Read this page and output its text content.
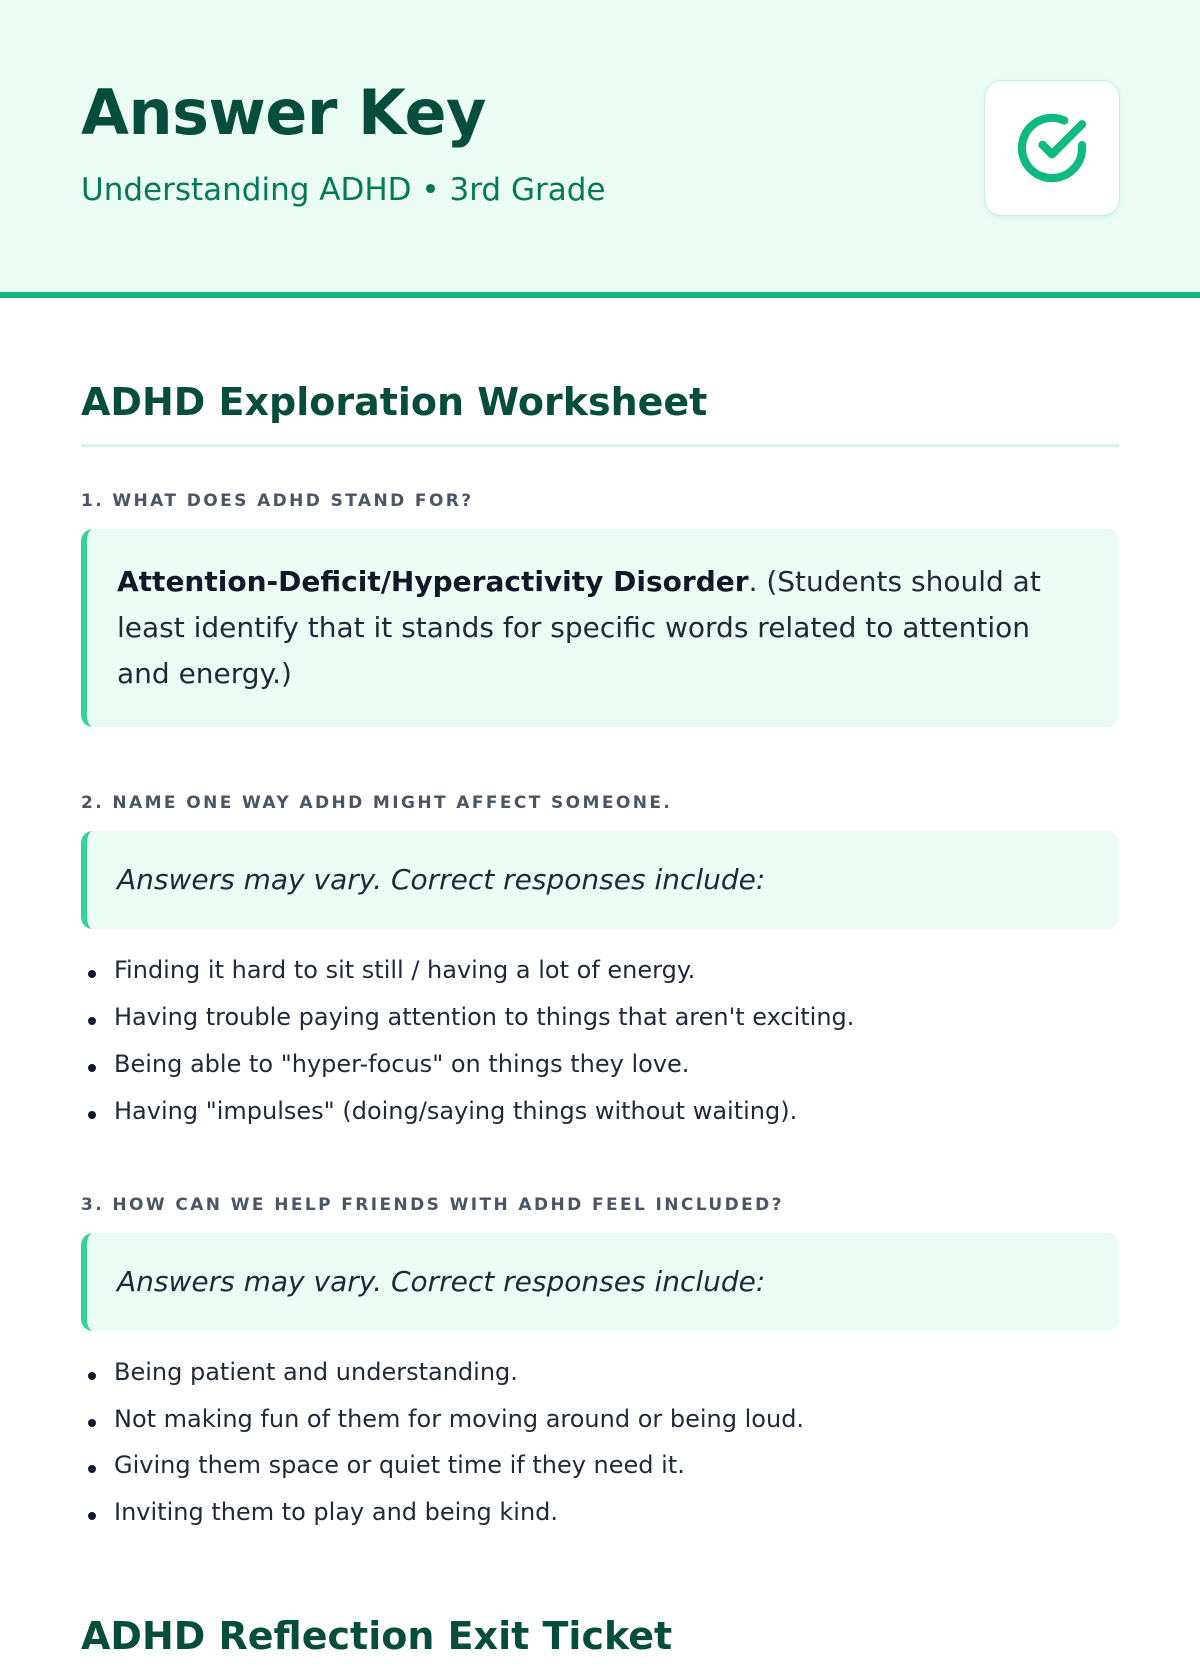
Answer Key
Understanding ADHD • 3rd Grade
ADHD Exploration Worksheet
1. WHAT DOES ADHD STAND FOR?
Attention-Deficit/Hyperactivity Disorder. (Students should at least identify that it stands for specific words related to attention and energy.)
2. NAME ONE WAY ADHD MIGHT AFFECT SOMEONE.
Answers may vary. Correct responses include:
Finding it hard to sit still / having a lot of energy.
Having trouble paying attention to things that aren't exciting.
Being able to "hyper-focus" on things they love.
Having "impulses" (doing/saying things without waiting).
3. HOW CAN WE HELP FRIENDS WITH ADHD FEEL INCLUDED?
Answers may vary. Correct responses include:
Being patient and understanding.
Not making fun of them for moving around or being loud.
Giving them space or quiet time if they need it.
Inviting them to play and being kind.
ADHD Reflection Exit Ticket
